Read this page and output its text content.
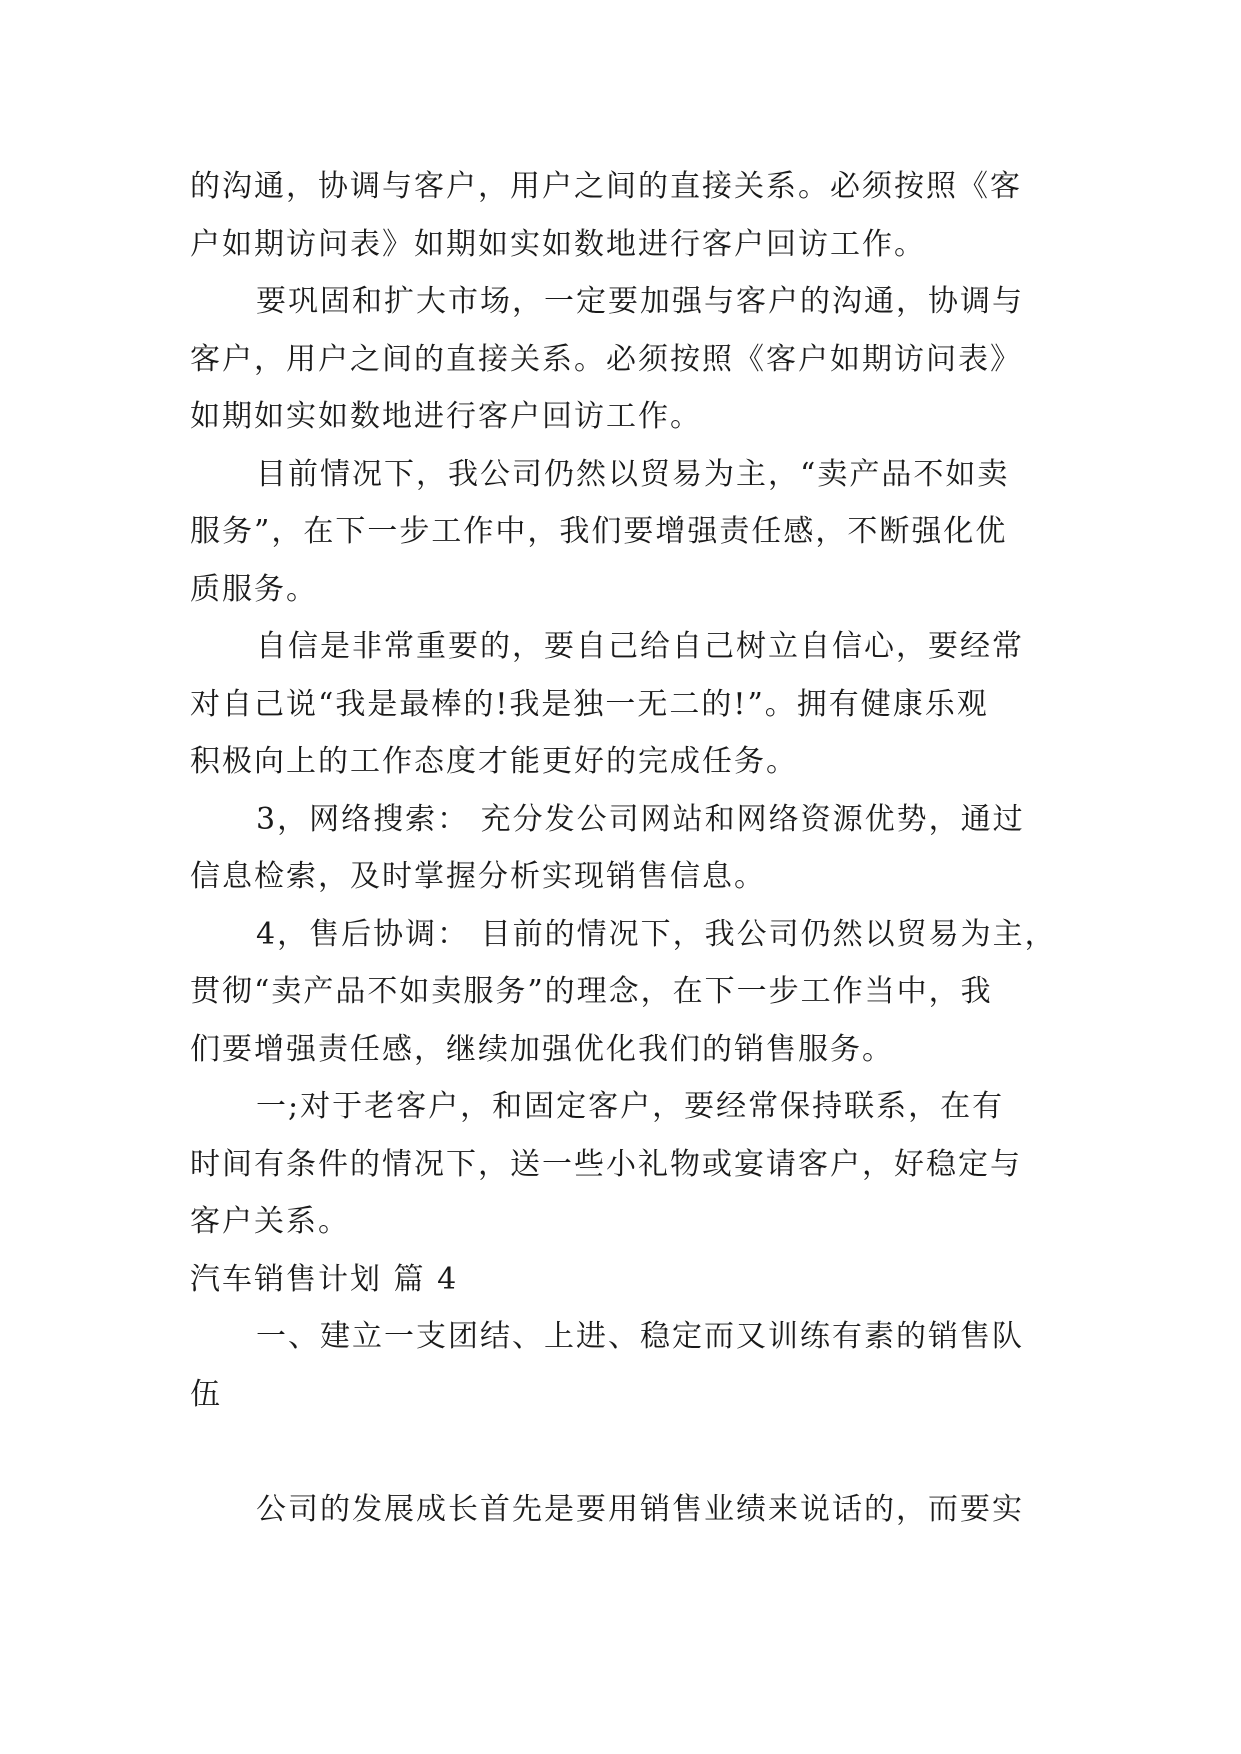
的沟通，协调与客户，用户之间的直接关系。必须按照《客
户如期访问表》如期如实如数地进行客户回访工作。
要巩固和扩大市场，一定要加强与客户的沟通，协调与
客户，用户之间的直接关系。必须按照《客户如期访问表》
如期如实如数地进行客户回访工作。
目前情况下，我公司仍然以贸易为主，“卖产品不如卖
服务”，在下一步工作中，我们要增强责任感，不断强化优
质服务。
自信是非常重要的，要自己给自己树立自信心，要经常
对自己说“我是最棒的!我是独一无二的!”。拥有健康乐观
积极向上的工作态度才能更好的完成任务。
3，网络搜索： 充分发公司网站和网络资源优势，通过
信息检索，及时掌握分析实现销售信息。
4，售后协调： 目前的情况下，我公司仍然以贸易为主，
贯彻“卖产品不如卖服务”的理念，在下一步工作当中，我
们要增强责任感，继续加强优化我们的销售服务。
一;对于老客户，和固定客户，要经常保持联系，在有
时间有条件的情况下，送一些小礼物或宴请客户，好稳定与
客户关系。
汽车销售计划 篇 4
一、建立一支团结、上进、稳定而又训练有素的销售队
伍
公司的发展成长首先是要用销售业绩来说话的，而要实
